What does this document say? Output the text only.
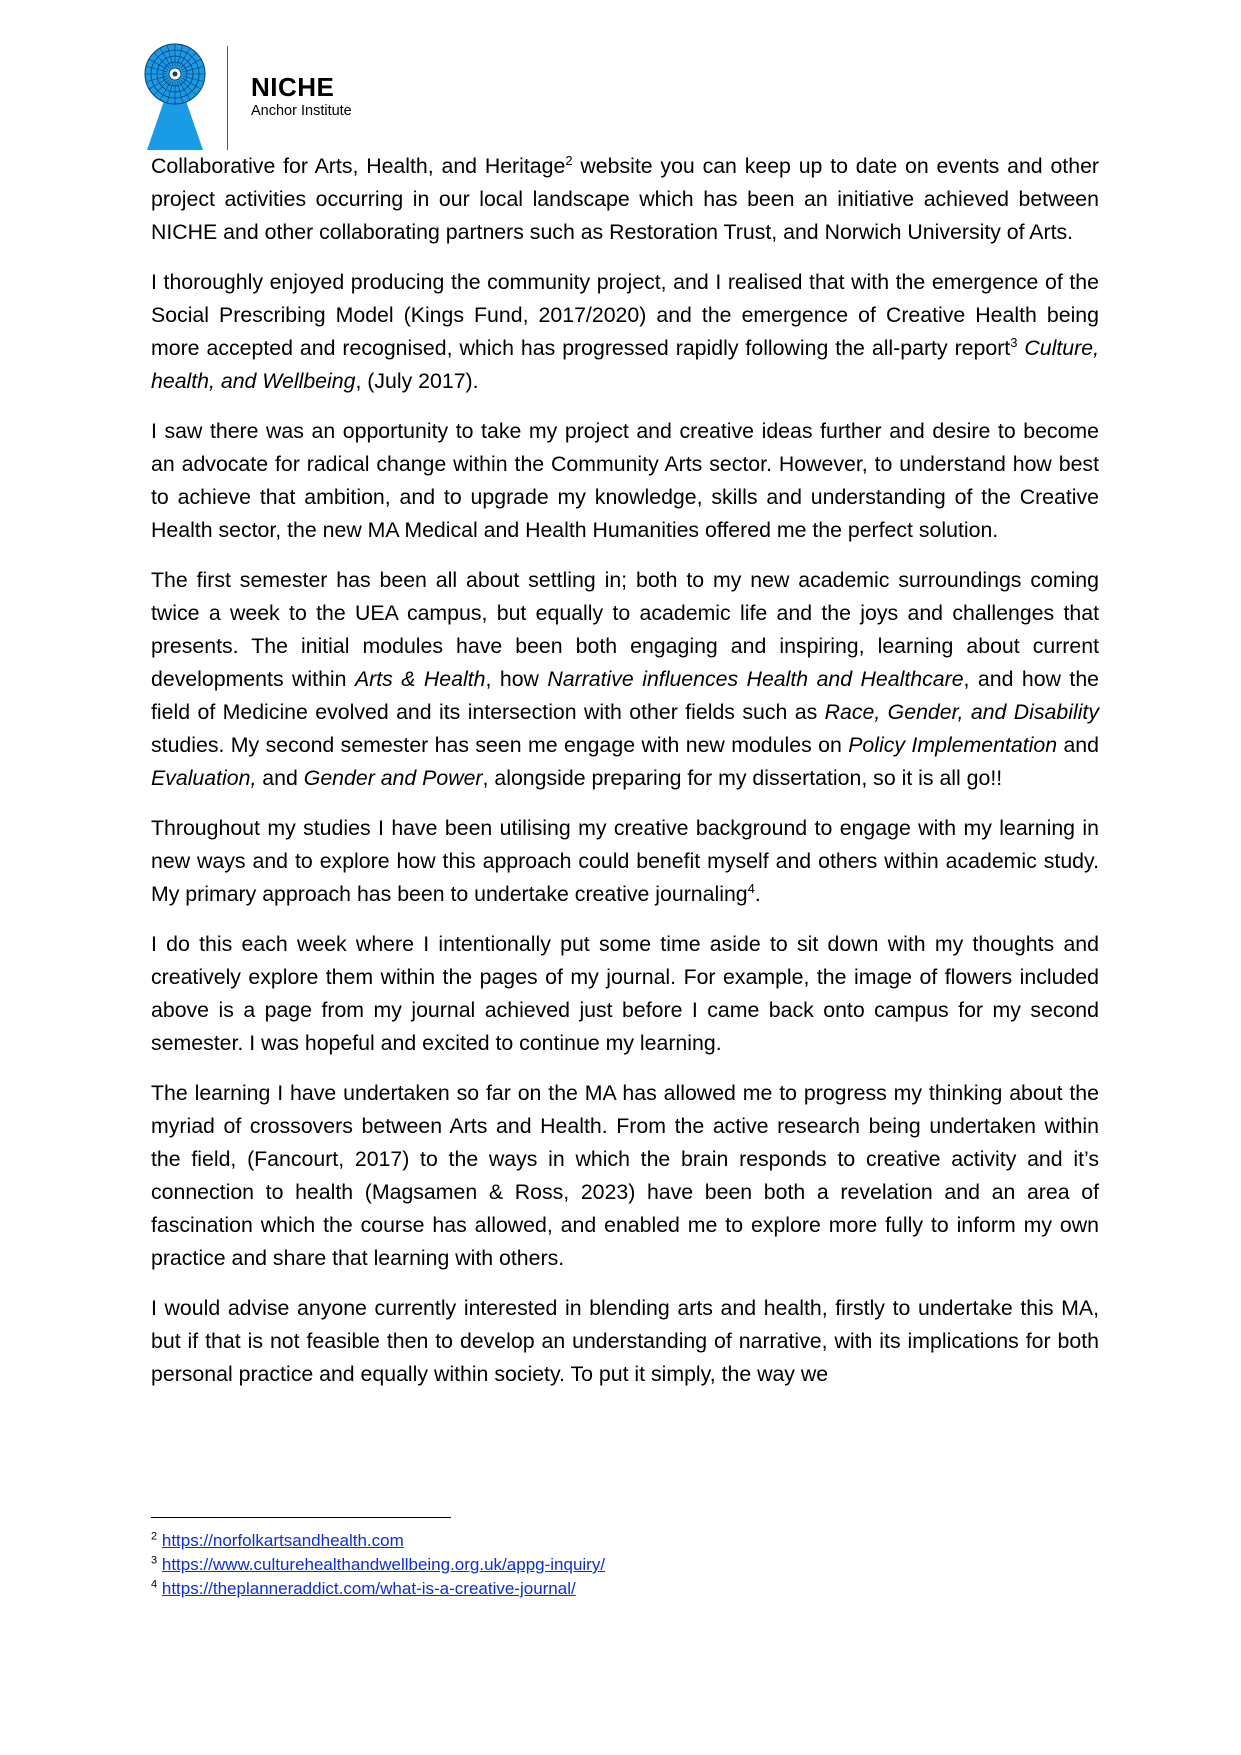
NICHE
Anchor Institute

Collaborative for Arts, Health, and Heritage$^2$ website you can keep up to date on events and other project activities occurring in our local landscape which has been an initiative achieved between NICHE and other collaborating partners such as Restoration Trust, and Norwich University of Arts.

I thoroughly enjoyed producing the community project, and I realised that with the emergence of the Social Prescribing Model (Kings Fund, 2017/2020) and the emergence of Creative Health being more accepted and recognised, which has progressed rapidly following the all-party report$^3$ Culture, health, and Wellbeing, (July 2017).

I saw there was an opportunity to take my project and creative ideas further and desire to become an advocate for radical change within the Community Arts sector. However, to understand how best to achieve that ambition, and to upgrade my knowledge, skills and understanding of the Creative Health sector, the new MA Medical and Health Humanities offered me the perfect solution.

The first semester has been all about settling in; both to my new academic surroundings coming twice a week to the UEA campus, but equally to academic life and the joys and challenges that presents. The initial modules have been both engaging and inspiring, learning about current developments within Arts & Health, how Narrative influences Health and Healthcare, and how the field of Medicine evolved and its intersection with other fields such as Race, Gender, and Disability studies. My second semester has seen me engage with new modules on Policy Implementation and Evaluation, and Gender and Power, alongside preparing for my dissertation, so it is all go!!

Throughout my studies I have been utilising my creative background to engage with my learning in new ways and to explore how this approach could benefit myself and others within academic study. My primary approach has been to undertake creative journaling$^4$.

I do this each week where I intentionally put some time aside to sit down with my thoughts and creatively explore them within the pages of my journal. For example, the image of flowers included above is a page from my journal achieved just before I came back onto campus for my second semester. I was hopeful and excited to continue my learning.

The learning I have undertaken so far on the MA has allowed me to progress my thinking about the myriad of crossovers between Arts and Health. From the active research being undertaken within the field, (Fancourt, 2017) to the ways in which the brain responds to creative activity and it’s connection to health (Magsamen & Ross, 2023) have been both a revelation and an area of fascination which the course has allowed, and enabled me to explore more fully to inform my own practice and share that learning with others.

I would advise anyone currently interested in blending arts and health, firstly to undertake this MA, but if that is not feasible then to develop an understanding of narrative, with its implications for both personal practice and equally within society. To put it simply, the way we

$^2$ https://norfolkartsandhealth.com
$^3$ https://www.culturehealthandwellbeing.org.uk/appg-inquiry/
$^4$ https://theplanneraddict.com/what-is-a-creative-journal/
